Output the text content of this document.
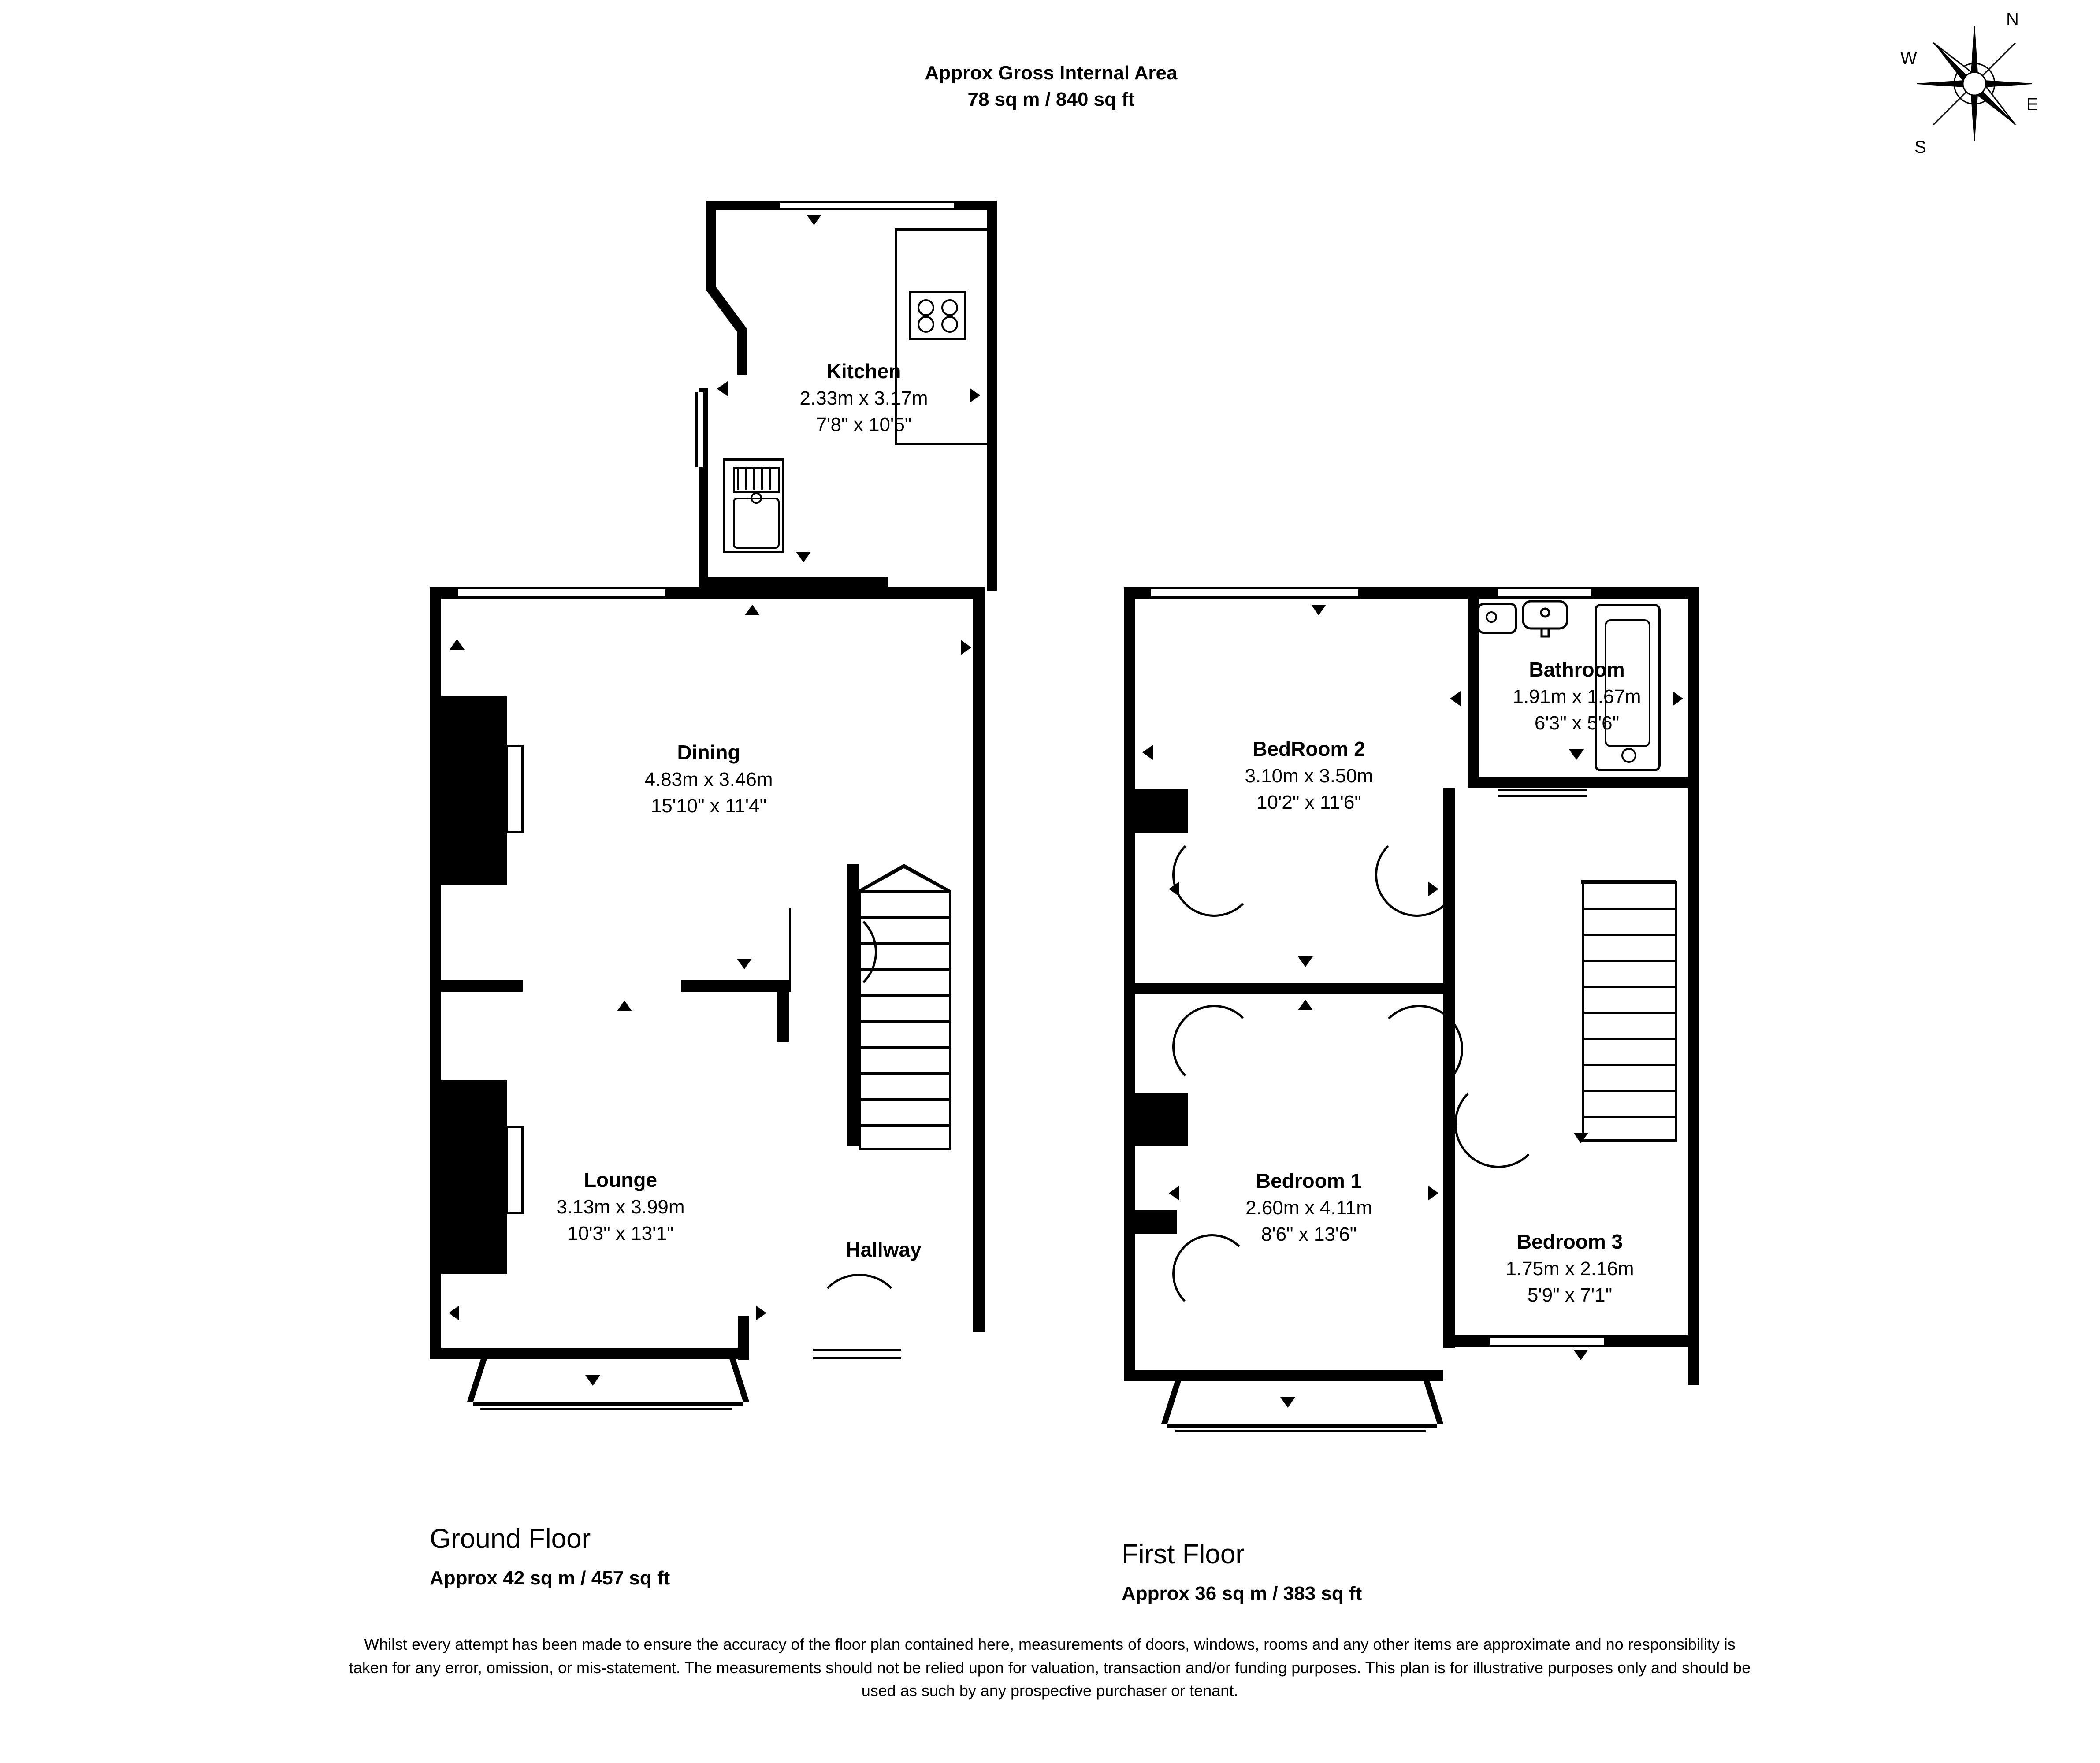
Approx Gross Internal Area
78 sq m / 840 sq ft
N
E
S
W
Kitchen
2.33m x 3.17m
7'8" x 10'5"
Dining
4.83m x 3.46m
15'10" x 11'4"
Lounge
3.13m x 3.99m
10'3" x 13'1"
Hallway
Ground Floor
Approx 42 sq m / 457 sq ft
BedRoom 2
3.10m x 3.50m
10'2" x 11'6"
Bathroom
1.91m x 1.67m
6'3" x 5'6"
Bedroom 1
2.60m x 4.11m
8'6" x 13'6"	Bedroom 3
1.75m x 2.16m
5'9" x 7'1"
First Floor
Approx 36 sq m / 383 sq ft
Whilst every attempt has been made to ensure the accuracy of the floor plan contained here, measurements of doors, windows, rooms and any other items are approximate and no responsibility is taken for any error, omission, or mis-statement. The measurements should not be relied upon for valuation, transaction and/or funding purposes. This plan is for illustrative purposes only and should be used as such by any prospective purchaser or tenant.
